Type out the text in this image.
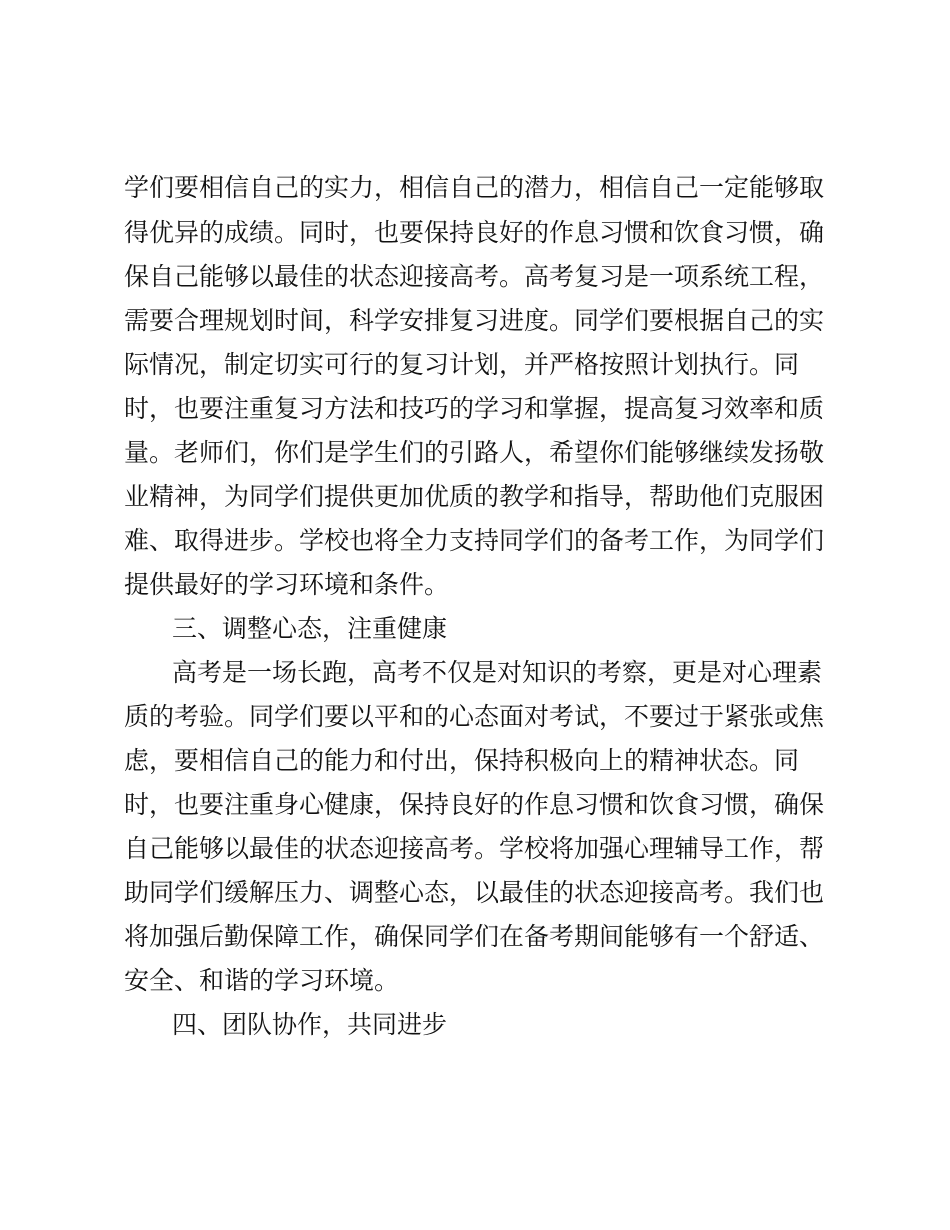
学们要相信自己的实力，相信自己的潜力，相信自己一定能够取

得优异的成绩。同时，也要保持良好的作息习惯和饮食习惯，确

保自己能够以最佳的状态迎接高考。高考复习是一项系统工程，

需要合理规划时间，科学安排复习进度。同学们要根据自己的实

际情况，制定切实可行的复习计划，并严格按照计划执行。同

时，也要注重复习方法和技巧的学习和掌握，提高复习效率和质

量。老师们，你们是学生们的引路人，希望你们能够继续发扬敬

业精神，为同学们提供更加优质的教学和指导，帮助他们克服困

难、取得进步。学校也将全力支持同学们的备考工作，为同学们

提供最好的学习环境和条件。

三、调整心态，注重健康

高考是一场长跑，高考不仅是对知识的考察，更是对心理素

质的考验。同学们要以平和的心态面对考试，不要过于紧张或焦

虑，要相信自己的能力和付出，保持积极向上的精神状态。同

时，也要注重身心健康，保持良好的作息习惯和饮食习惯，确保

自己能够以最佳的状态迎接高考。学校将加强心理辅导工作，帮

助同学们缓解压力、调整心态，以最佳的状态迎接高考。我们也

将加强后勤保障工作，确保同学们在备考期间能够有一个舒适、

安全、和谐的学习环境。

四、团队协作，共同进步
